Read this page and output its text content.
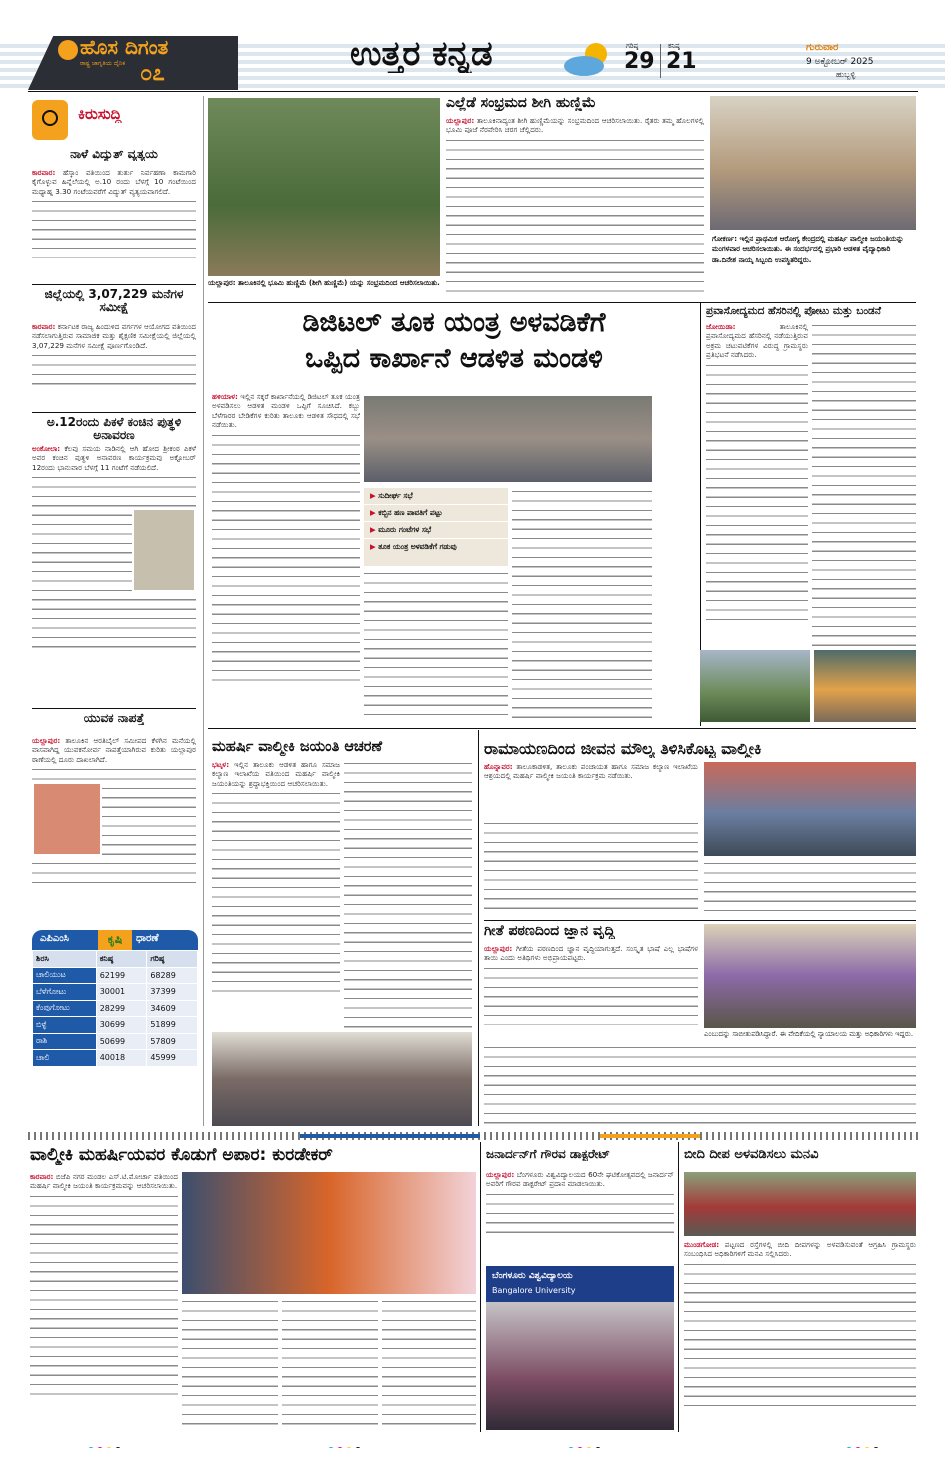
ಹೊಸ ದಿಗಂತ
ರಾಷ್ಟ್ರ ಜಾಗೃತಿಯ ದೈನಿಕ ೦೭	ಉತ್ತರ ಕನ್ನಡ	ಗರಿಷ್ಠ
29
ಕನಿಷ್ಠ
21
ಗುರುವಾರ
9 ಅಕ್ಟೋಬರ್ 2025
ಹುಬ್ಬಳ್ಳಿ
ಕಿರುಸುದ್ದಿ
ನಾಳೆ ವಿದ್ಯುತ್ ವ್ಯತ್ಯಯ
ಕಾರವಾರ: ಹೆಸ್ಕಾಂ ವತಿಯಿಂದ ತುರ್ತು ನಿರ್ವಹಣಾ ಕಾಮಗಾರಿ ಕೈಗೊಳ್ಳುವ ಹಿನ್ನೆಲೆಯಲ್ಲಿ ಅ.10 ರಂದು ಬೆಳಗ್ಗೆ 10 ಗಂಟೆಯಿಂದ ಮಧ್ಯಾಹ್ನ 3.30 ಗಂಟೆಯವರೆಗೆ ವಿದ್ಯುತ್ ವ್ಯತ್ಯಯವಾಗಲಿದೆ.
ಜಿಲ್ಲೆಯಲ್ಲಿ 3,07,229 ಮನೆಗಳ ಸಮೀಕ್ಷೆ
ಕಾರವಾರ: ಕರ್ನಾಟಕ ರಾಜ್ಯ ಹಿಂದುಳಿದ ವರ್ಗಗಳ ಆಯೋಗದ ವತಿಯಿಂದ ನಡೆಸಲಾಗುತ್ತಿರುವ ಸಾಮಾಜಿಕ ಮತ್ತು ಶೈಕ್ಷಣಿಕ ಸಮೀಕ್ಷೆಯಲ್ಲಿ ಜಿಲ್ಲೆಯಲ್ಲಿ 3,07,229 ಮನೆಗಳ ಸಮೀಕ್ಷೆ ಪೂರ್ಣಗೊಂಡಿದೆ.
ಅ.12ರಂದು ಪಿಕಳೆ ಕಂಚಿನ ಪುತ್ಥಳಿ ಅನಾವರಣ
ಅಂಕೋಲಾ: ಕೆಲವು ಸಮಯ ನಾಡಿನಲ್ಲಿ ಆಗಿ ಹೋದ ಶ್ರೀಕಂಠ ಪಿಕಳೆ ಅವರ ಕಂಚಿನ ಪುತ್ಥಳಿ ಅನಾವರಣ ಕಾರ್ಯಕ್ರಮವು ಅಕ್ಟೋಬರ್ 12ರಂದು ಭಾನುವಾರ ಬೆಳಗ್ಗೆ 11 ಗಂಟೆಗೆ ನಡೆಯಲಿದೆ.
ಯುವಕ ನಾಪತ್ತೆ
ಯಲ್ಲಾಪುರ: ತಾಲೂಕಿನ ಆರತಿಬೈಲ್ ಸಮೀಪದ ಕೆಳಗಿನ ಮನೆಯಲ್ಲಿ ವಾಸವಾಗಿದ್ದ ಯುವಕನೋರ್ವ ನಾಪತ್ತೆಯಾಗಿರುವ ಕುರಿತು ಯಲ್ಲಾಪುರ ಠಾಣೆಯಲ್ಲಿ ದೂರು ದಾಖಲಾಗಿದೆ.
ಎಪಿಎಂಸಿ	ಕೃಷಿ	ಧಾರಣೆ
ಶಿರಸಿ	ಕನಿಷ್ಠ	ಗರಿಷ್ಠ
ಚಾಲಿಯುಟ	62199	68289
ಬೆಳೆಗೋಟು	30001	37399
ಕೆಂಪುಗೋಟು	28299	34609
ಬಿಳ್ಳೆ	30699	51899
ರಾಶಿ	50699	57809
ಚಾಲಿ	40018	45999
ಯಲ್ಲಾಪುರ: ತಾಲೂಕಿನಲ್ಲಿ ಭೂಮಿ ಹುಣ್ಣಿಮೆ (ಶೀಗಿ ಹುಣ್ಣಿಮೆ) ಯನ್ನು ಸಂಭ್ರಮದಿಂದ ಆಚರಿಸಲಾಯಿತು.
ಎಲ್ಲೆಡೆ ಸಂಭ್ರಮದ ಶೀಗಿ ಹುಣ್ಣಿಮೆ
ಯಲ್ಲಾಪುರ: ತಾಲೂಕಿನಾದ್ಯಂತ ಶೀಗಿ ಹುಣ್ಣಿಮೆಯನ್ನು ಸಂಭ್ರಮದಿಂದ ಆಚರಿಸಲಾಯಿತು. ರೈತರು ತಮ್ಮ ಹೊಲಗಳಲ್ಲಿ ಭೂಮಿ ಪೂಜೆ ನೆರವೇರಿಸಿ ಚರಗ ಚೆಲ್ಲಿದರು.
ಗೋಕರ್ಣ: ಇಲ್ಲಿನ ಪ್ರಾಥಮಿಕ ಆರೋಗ್ಯ ಕೇಂದ್ರದಲ್ಲಿ ಮಹರ್ಷಿ ವಾಲ್ಮೀಕಿ ಜಯಂತಿಯನ್ನು ಮಂಗಳವಾರ ಆಚರಿಸಲಾಯಿತು. ಈ ಸಂದರ್ಭದಲ್ಲಿ ಪ್ರಭಾರಿ ಆಡಳಿತ ವೈದ್ಯಾಧಿಕಾರಿ ಡಾ.ದಿನೇಶ ನಾಯ್ಕ ಸಿಬ್ಬಂದಿ ಉಪಸ್ಥಿತರಿದ್ದರು.
ಡಿಜಿಟಲ್ ತೂಕ ಯಂತ್ರ ಅಳವಡಿಕೆಗೆ
ಒಪ್ಪಿದ ಕಾರ್ಖಾನೆ ಆಡಳಿತ ಮಂಡಳಿ
ಹಳಿಯಾಳ: ಇಲ್ಲಿನ ಸಕ್ಕರೆ ಕಾರ್ಖಾನೆಯಲ್ಲಿ ಡಿಜಿಟಲ್ ತೂಕ ಯಂತ್ರ ಅಳವಡಿಸಲು ಆಡಳಿತ ಮಂಡಳಿ ಒಪ್ಪಿಗೆ ಸೂಚಿಸಿದೆ. ಕಬ್ಬು ಬೆಳೆಗಾರರ ಬೇಡಿಕೆಗಳ ಕುರಿತು ತಾಲೂಕು ಆಡಳಿತ ಸೌಧದಲ್ಲಿ ಸಭೆ ನಡೆಯಿತು.
▶ ಸುದೀರ್ಘ ಸಭೆ
▶ ಕಬ್ಬಿನ ಹಣ ಪಾವತಿಗೆ ಪಟ್ಟು
▶ ಮೂರು ಗಂಟೆಗಳ ಸಭೆ
▶ ತೂಕ ಯಂತ್ರ ಅಳವಡಿಕೆಗೆ ಗಡುವು
ಪ್ರವಾಸೋದ್ಯಮದ ಹೆಸರಿನಲ್ಲಿ ಪೋಟು ಮತ್ತು ಬಂಡನೆ
ಜೋಯಿಡಾ:	ತಾಲೂಕಿನಲ್ಲಿ ಪ್ರವಾಸೋದ್ಯಮದ ಹೆಸರಿನಲ್ಲಿ ನಡೆಯುತ್ತಿರುವ ಅಕ್ರಮ ಚಟುವಟಿಕೆಗಳ ವಿರುದ್ಧ ಗ್ರಾಮಸ್ಥರು ಪ್ರತಿಭಟನೆ ನಡೆಸಿದರು.
ಮಹರ್ಷಿ ವಾಲ್ಮೀಕಿ ಜಯಂತಿ ಆಚರಣೆ
ಭಟ್ಕಳ: ಇಲ್ಲಿನ ತಾಲೂಕು ಆಡಳಿತ ಹಾಗೂ ಸಮಾಜ ಕಲ್ಯಾಣ ಇಲಾಖೆಯ ವತಿಯಿಂದ ಮಹರ್ಷಿ ವಾಲ್ಮೀಕಿ ಜಯಂತಿಯನ್ನು ಶ್ರದ್ಧಾಭಕ್ತಿಯಿಂದ ಆಚರಿಸಲಾಯಿತು.
ರಾಮಾಯಣದಿಂದ ಜೀವನ ಮೌಲ್ಯ ತಿಳಿಸಿಕೊಟ್ಟ ವಾಲ್ಮೀಕಿ
ಹೊನ್ನಾವರ: ತಾಲೂಕಾಡಳಿತ, ತಾಲೂಕು ಪಂಚಾಯತ ಹಾಗೂ ಸಮಾಜ ಕಲ್ಯಾಣ ಇಲಾಖೆಯ ಆಶ್ರಯದಲ್ಲಿ ಮಹರ್ಷಿ ವಾಲ್ಮೀಕಿ ಜಯಂತಿ ಕಾರ್ಯಕ್ರಮ ನಡೆಯಿತು.
ಗೀತೆ ಪಠಣದಿಂದ ಜ್ಞಾನ ವೃದ್ಧಿ
ಯಲ್ಲಾಪುರ: ಗೀತೆಯ ಪಠಣದಿಂದ ಜ್ಞಾನ ವೃದ್ಧಿಯಾಗುತ್ತದೆ. ಸಂಸ್ಕೃತ ಭಾಷೆ ಎಲ್ಲ ಭಾಷೆಗಳ ತಾಯಿ ಎಂದು ಅತಿಥಿಗಳು ಅಭಿಪ್ರಾಯಪಟ್ಟರು.
ಎಂಬುದನ್ನು ಸಾಬೀತುಪಡಿಸಿದ್ದಾರೆ. ಈ ವೇದಿಕೆಯಲ್ಲಿ ನ್ಯಾಯಾಲಯ ಮತ್ತು ಅಧಿಕಾರಿಗಳು ಇದ್ದರು.
ವಾಲ್ಮೀಕಿ ಮಹರ್ಷಿಯವರ ಕೊಡುಗೆ ಅಪಾರ: ಕುರಡೇಕರ್
ಕಾರವಾರ: ಬಿಜೆಪಿ ನಗರ ಮಂಡಲ ಎಸ್.ಟಿ.ಮೋರ್ಚಾ ವತಿಯಿಂದ ಮಹರ್ಷಿ ವಾಲ್ಮೀಕಿ ಜಯಂತಿ ಕಾರ್ಯಕ್ರಮವನ್ನು ಆಚರಿಸಲಾಯಿತು.
ಜನಾರ್ದನ್‌ಗೆ ಗೌರವ ಡಾಕ್ಟರೇಟ್
ಯಲ್ಲಾಪುರ: ಬೆಂಗಳೂರು ವಿಶ್ವವಿದ್ಯಾಲಯದ 60ನೇ ಘಟಿಕೋತ್ಸವದಲ್ಲಿ ಜನಾರ್ದನ್ ಅವರಿಗೆ ಗೌರವ ಡಾಕ್ಟರೇಟ್ ಪ್ರದಾನ ಮಾಡಲಾಯಿತು.
ಬೆಂಗಳೂರು ವಿಶ್ವವಿದ್ಯಾಲಯ
Bangalore University
ಬೀದಿ ದೀಪ ಅಳವಡಿಸಲು ಮನವಿ
ಮುಂಡಗೋಡ: ಪಟ್ಟಣದ ರಸ್ತೆಗಳಲ್ಲಿ ಬೀದಿ ದೀಪಗಳನ್ನು ಅಳವಡಿಸುವಂತೆ ಆಗ್ರಹಿಸಿ ಗ್ರಾಮಸ್ಥರು ಸಂಬಂಧಿಸಿದ ಅಧಿಕಾರಿಗಳಿಗೆ ಮನವಿ ಸಲ್ಲಿಸಿದರು.
